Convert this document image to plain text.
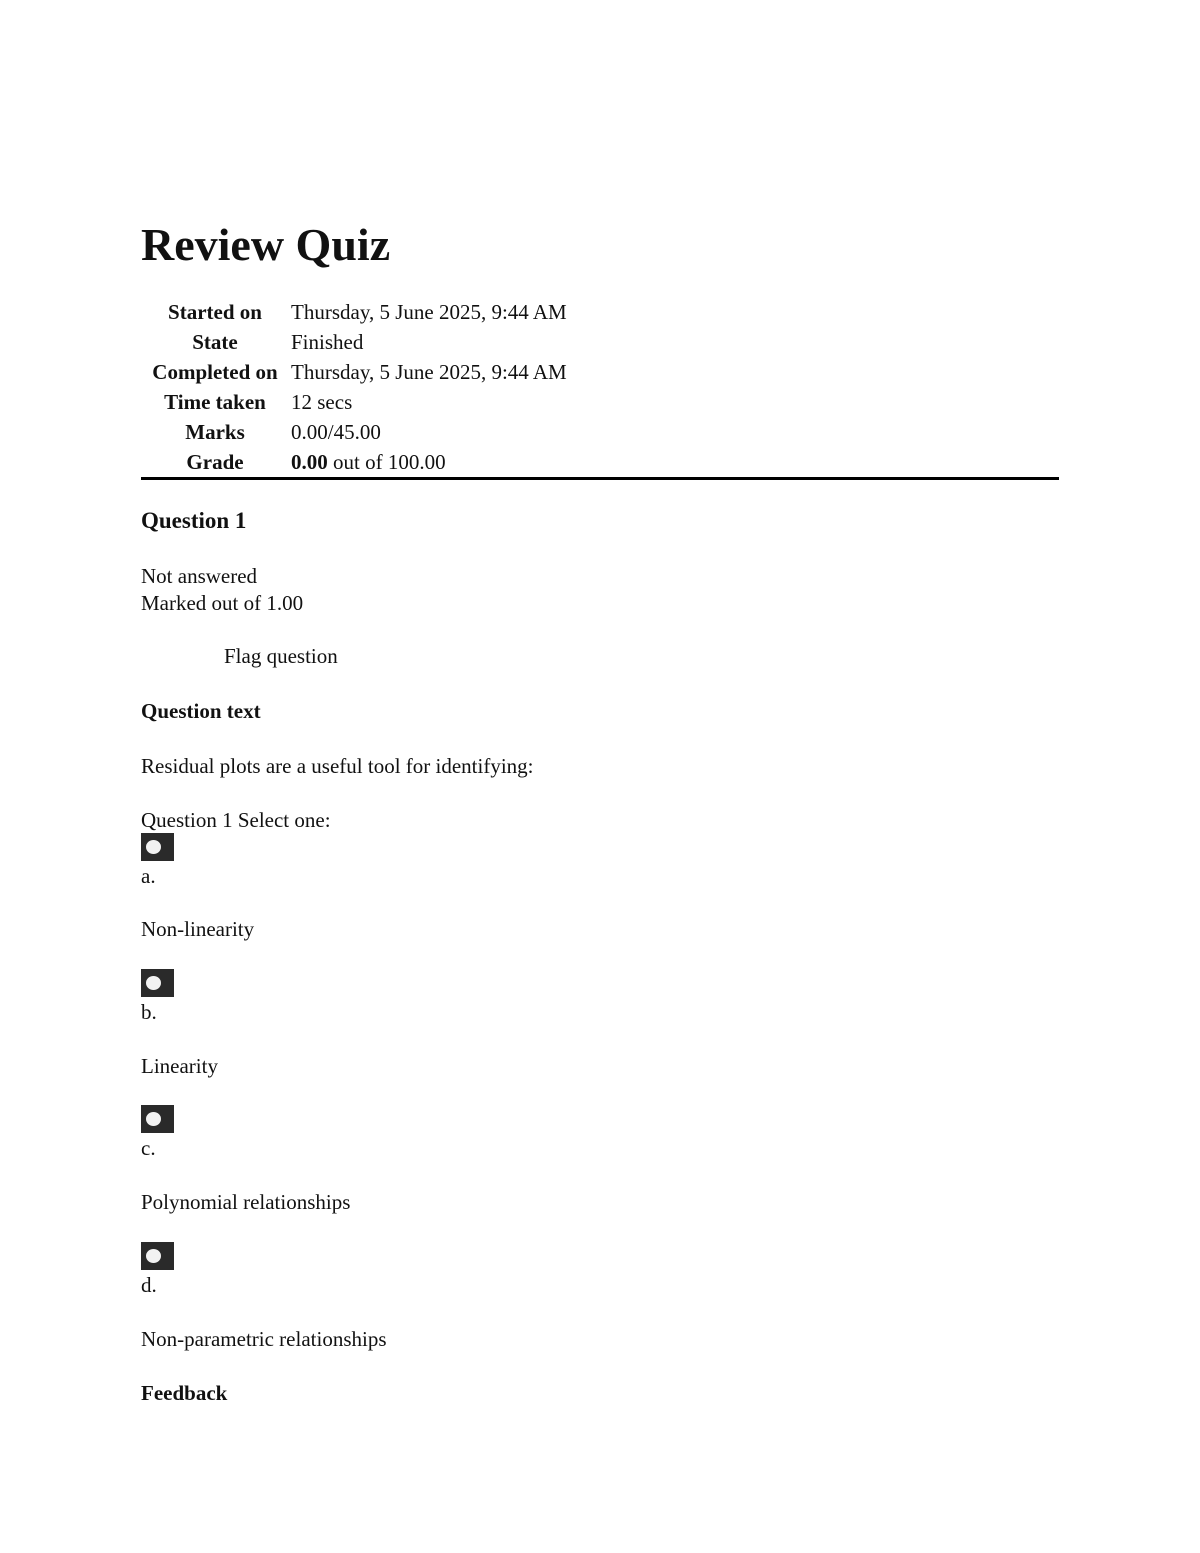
Review Quiz
Started on	Thursday, 5 June 2025, 9:44 AM
State	Finished
Completed on	Thursday, 5 June 2025, 9:44 AM
Time taken	12 secs
Marks	0.00/45.00
Grade	0.00 out of 100.00
Question 1
Not answered
Marked out of 1.00
Flag question
Question text
Residual plots are a useful tool for identifying:
Question 1 Select one:
a.
Non-linearity
b.
Linearity
c.
Polynomial relationships
d.
Non-parametric relationships
Feedback
